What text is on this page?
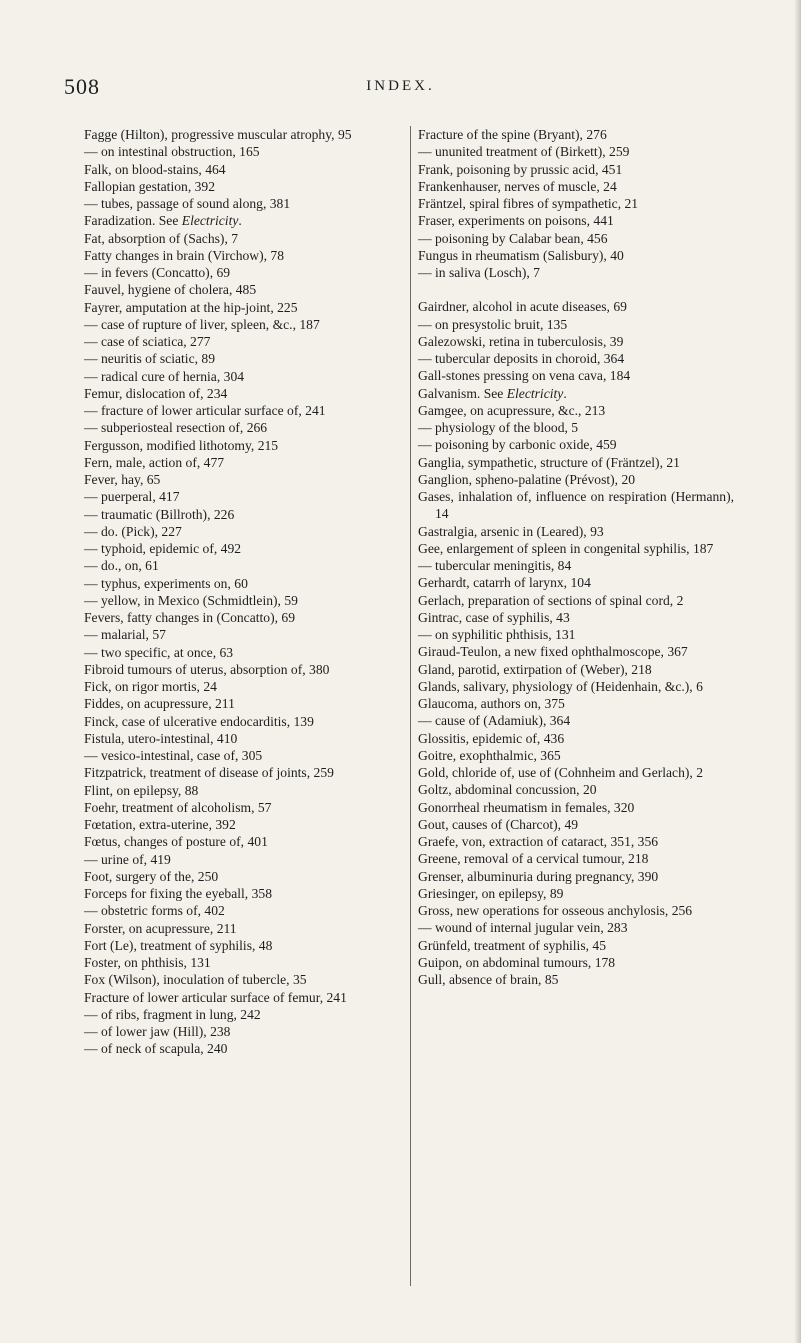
508	INDEX.
Fagge (Hilton), progressive muscular atrophy, 95
— on intestinal obstruction, 165
Falk, on blood-stains, 464
Fallopian gestation, 392
— tubes, passage of sound along, 381
Faradization. See Electricity.
Fat, absorption of (Sachs), 7
Fatty changes in brain (Virchow), 78
— in fevers (Concatto), 69
Fauvel, hygiene of cholera, 485
Fayrer, amputation at the hip-joint, 225
— case of rupture of liver, spleen, &c., 187
— case of sciatica, 277
— neuritis of sciatic, 89
— radical cure of hernia, 304
Femur, dislocation of, 234
— fracture of lower articular surface of, 241
— subperiosteal resection of, 266
Fergusson, modified lithotomy, 215
Fern, male, action of, 477
Fever, hay, 65
— puerperal, 417
— traumatic (Billroth), 226
— do. (Pick), 227
— typhoid, epidemic of, 492
— do., on, 61
— typhus, experiments on, 60
— yellow, in Mexico (Schmidtlein), 59
Fevers, fatty changes in (Concatto), 69
— malarial, 57
— two specific, at once, 63
Fibroid tumours of uterus, absorption of, 380
Fick, on rigor mortis, 24
Fiddes, on acupressure, 211
Finck, case of ulcerative endocarditis, 139
Fistula, utero-intestinal, 410
— vesico-intestinal, case of, 305
Fitzpatrick, treatment of disease of joints, 259
Flint, on epilepsy, 88
Foehr, treatment of alcoholism, 57
Fœtation, extra-uterine, 392
Fœtus, changes of posture of, 401
— urine of, 419
Foot, surgery of the, 250
Forceps for fixing the eyeball, 358
— obstetric forms of, 402
Forster, on acupressure, 211
Fort (Le), treatment of syphilis, 48
Foster, on phthisis, 131
Fox (Wilson), inoculation of tubercle, 35
Fracture of lower articular surface of femur, 241
— of ribs, fragment in lung, 242
— of lower jaw (Hill), 238
— of neck of scapula, 240
Fracture of the spine (Bryant), 276
— ununited treatment of (Birkett), 259
Frank, poisoning by prussic acid, 451
Frankenhauser, nerves of muscle, 24
Fräntzel, spiral fibres of sympathetic, 21
Fraser, experiments on poisons, 441
— poisoning by Calabar bean, 456
Fungus in rheumatism (Salisbury), 40
— in saliva (Losch), 7
Gairdner, alcohol in acute diseases, 69
— on presystolic bruit, 135
Galezowski, retina in tuberculosis, 39
— tubercular deposits in choroid, 364
Gall-stones pressing on vena cava, 184
Galvanism. See Electricity.
Gamgee, on acupressure, &c., 213
— physiology of the blood, 5
— poisoning by carbonic oxide, 459
Ganglia, sympathetic, structure of (Fräntzel), 21
Ganglion, spheno-palatine (Prévost), 20
Gases, inhalation of, influence on respiration (Hermann), 14
Gastralgia, arsenic in (Leared), 93
Gee, enlargement of spleen in congenital syphilis, 187
— tubercular meningitis, 84
Gerhardt, catarrh of larynx, 104
Gerlach, preparation of sections of spinal cord, 2
Gintrac, case of syphilis, 43
— on syphilitic phthisis, 131
Giraud-Teulon, a new fixed ophthalmoscope, 367
Gland, parotid, extirpation of (Weber), 218
Glands, salivary, physiology of (Heidenhain, &c.), 6
Glaucoma, authors on, 375
— cause of (Adamiuk), 364
Glossitis, epidemic of, 436
Goitre, exophthalmic, 365
Gold, chloride of, use of (Cohnheim and Gerlach), 2
Goltz, abdominal concussion, 20
Gonorrheal rheumatism in females, 320
Gout, causes of (Charcot), 49
Graefe, von, extraction of cataract, 351, 356
Greene, removal of a cervical tumour, 218
Grenser, albuminuria during pregnancy, 390
Griesinger, on epilepsy, 89
Gross, new operations for osseous anchylosis, 256
— wound of internal jugular vein, 283
Grünfeld, treatment of syphilis, 45
Guipon, on abdominal tumours, 178
Gull, absence of brain, 85
